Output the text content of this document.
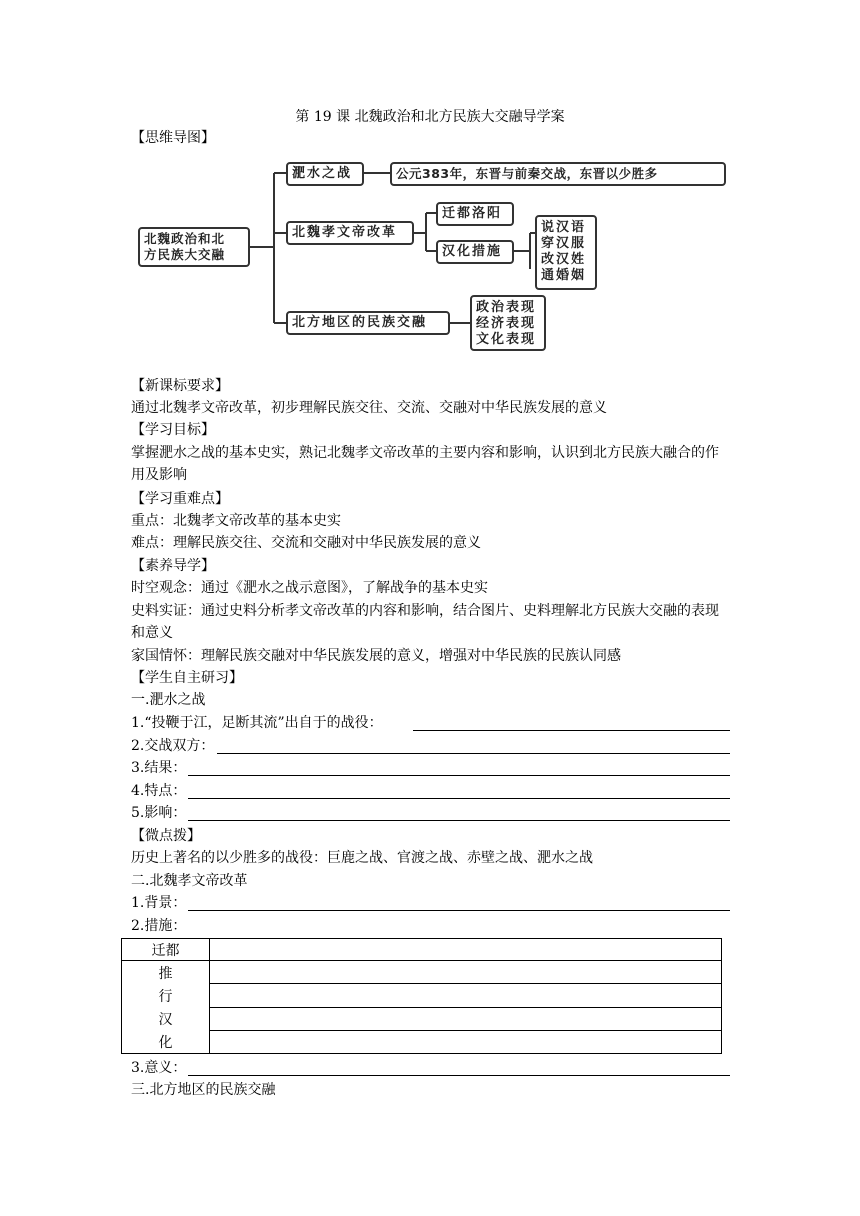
第 19 课 北魏政治和北方民族大交融导学案
【思维导图】
北魏政治和北
方民族大交融
淝水之战	公元383年，东晋与前秦交战，东晋以少胜多
北魏孝文帝改革
迁都洛阳
汉化措施
说汉语
穿汉服
改汉姓
通婚姻
北方地区的民族交融
政治表现
经济表现
文化表现
【新课标要求】
通过北魏孝文帝改革，初步理解民族交往、交流、交融对中华民族发展的意义
【学习目标】
掌握淝水之战的基本史实，熟记北魏孝文帝改革的主要内容和影响，认识到北方民族大融合的作用及影响
【学习重难点】
重点：北魏孝文帝改革的基本史实
难点：理解民族交往、交流和交融对中华民族发展的意义
【素养导学】
时空观念：通过《淝水之战示意图》，了解战争的基本史实
史料实证：通过史料分析孝文帝改革的内容和影响，结合图片、史料理解北方民族大交融的表现和意义
家国情怀：理解民族交融对中华民族发展的意义，增强对中华民族的民族认同感
【学生自主研习】
一.淝水之战
1.“投鞭于江，足断其流”出自于的战役：
2.交战双方：
3.结果：
4.特点：
5.影响：
【微点拨】
历史上著名的以少胜多的战役：巨鹿之战、官渡之战、赤壁之战、淝水之战
二.北魏孝文帝改革
1.背景：
2.措施：
迁都	

推
行
汉
化	

3.意义：
三.北方地区的民族交融
